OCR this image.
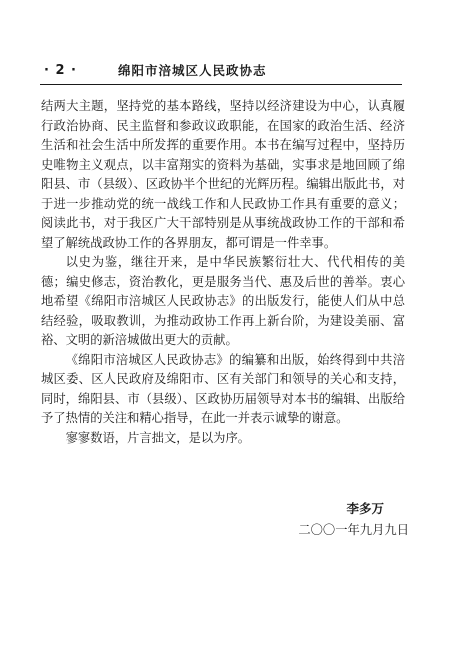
· 2 ·	绵阳市涪城区人民政协志

结两大主题，坚持党的基本路线，坚持以经济建设为中心，认真履行政治协商、民主监督和参政议政职能，在国家的政治生活、经济生活和社会生活中所发挥的重要作用。本书在编写过程中，坚持历史唯物主义观点，以丰富翔实的资料为基础，实事求是地回顾了绵阳县、市（县级）、区政协半个世纪的光辉历程。编辑出版此书，对于进一步推动党的统一战线工作和人民政协工作具有重要的意义；阅读此书，对于我区广大干部特别是从事统战政协工作的干部和希望了解统战政协工作的各界朋友，都可谓是一件幸事。

以史为鉴，继往开来，是中华民族繁衍壮大、代代相传的美德；编史修志，资治教化，更是服务当代、惠及后世的善举。衷心地希望《绵阳市涪城区人民政协志》的出版发行，能使人们从中总结经验，吸取教训，为推动政协工作再上新台阶，为建设美丽、富裕、文明的新涪城做出更大的贡献。

《绵阳市涪城区人民政协志》的编纂和出版，始终得到中共涪城区委、区人民政府及绵阳市、区有关部门和领导的关心和支持，同时，绵阳县、市（县级）、区政协历届领导对本书的编辑、出版给予了热情的关注和精心指导，在此一并表示诚挚的谢意。

寥寥数语，片言拙文，是以为序。

李多万
二〇〇一年九月九日
